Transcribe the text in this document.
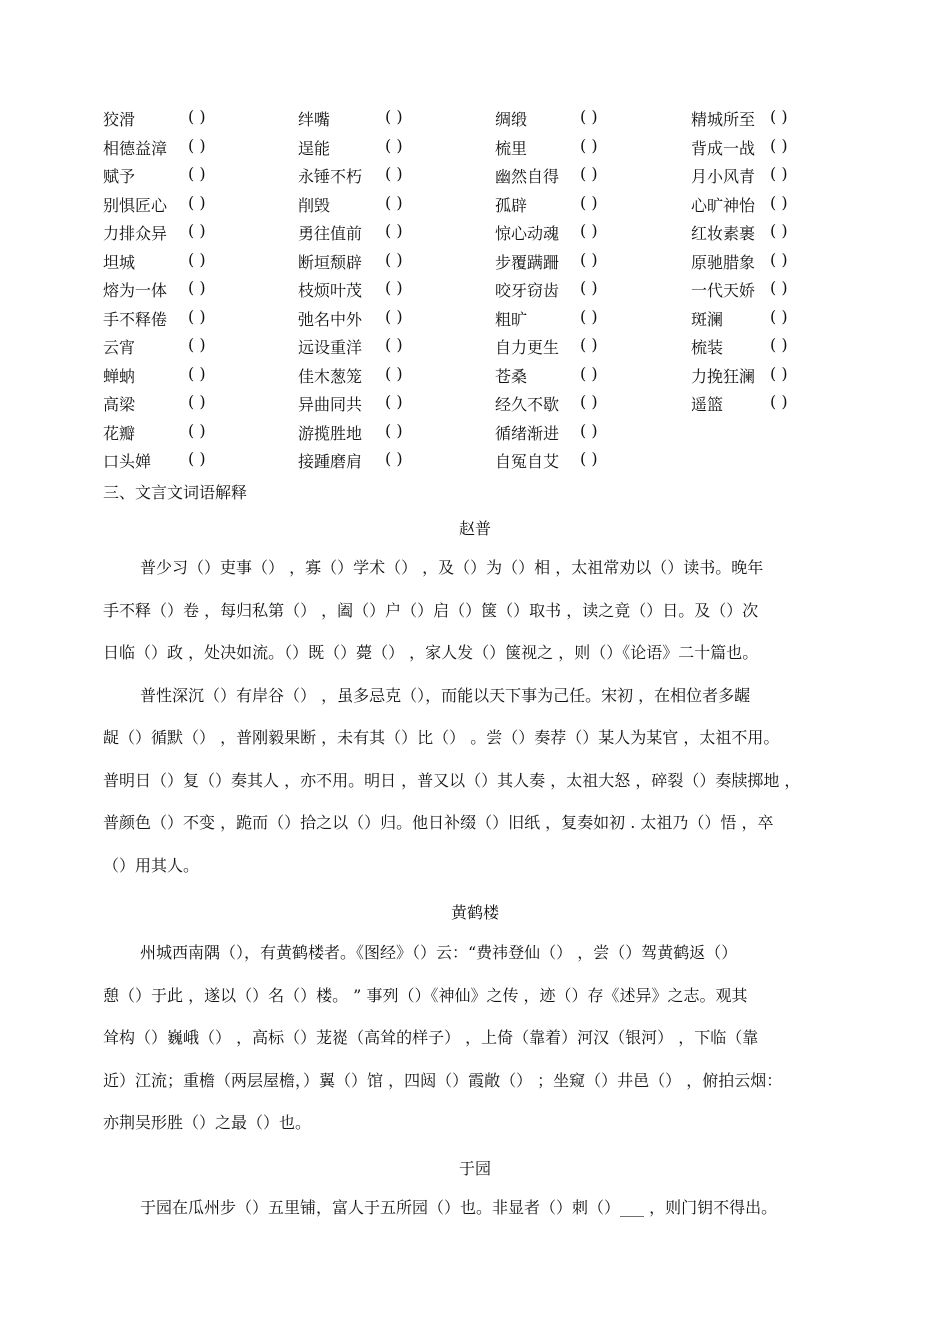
狡滑	( )	绊嘴	( )	绸缎	( )	精城所至 ( )
相德益漳 ( )	逞能	( )	梳里	( )	背成一战 ( )
赋予	( )	永锤不朽 ( )	幽然自得 ( )	月小风青 ( )
别惧匠心 ( )	削毁	( )	孤辟	( )	心旷神怡 ( )
力排众异 ( )	勇往值前 ( )	惊心动魂 ( )	红妆素裹 ( )
坦城	( )	断垣颓辟 ( )	步覆蹒跚 ( )	原驰腊象 ( )
熔为一体 ( )	枝烦叶茂 ( )	咬牙窃齿 ( )	一代天娇 ( )
手不释倦 ( )	弛名中外 ( )	粗旷	( )	斑澜	( )
云宵	( )	远设重洋 ( )	自力更生 ( )	梳装	( )
蝉蚋	( )	佳木葱笼 ( )	苍桑	( )	力挽狂澜 ( )
高梁	( )	异曲同共 ( )	经久不歇 ( )	遥篮	( )
花瓣	( )	游揽胜地 ( )	循绪渐进 ( )
口头婵 ( )	接踵磨肩 ( )	自冤自艾 ( )
三、文言文词语解释
赵普
普少习（）吏事（） ，寡（）学术（） ，及（）为（）相 ，太祖常劝以（）读书。晚年
手不释（）卷 ，每归私第（） ，阖（）户（）启（）箧（）取书 ，读之竟（）日。及（）次
日临（）政 ，处决如流。（）既（）薨（） ，家人发（）箧视之 ，则（）《论语》二十篇也。
普性深沉（）有岸谷（） ，虽多忌克（），而能以天下事为己任。宋初 ，在相位者多龌
龊（）循默（） ，普刚毅果断 ，未有其（）比（） 。尝（）奏荐（）某人为某官 ，太祖不用。
普明日（）复（）奏其人 ，亦不用。明日 ，普又以（）其人奏 ，太祖大怒 ，碎裂（）奏牍掷地 ，
普颜色（）不变 ，跪而（）拾之以（）归。他日补缀（）旧纸 ，复奏如初 . 太祖乃（）悟 ，卒
（）用其人。
黄鹤楼
州城西南隅（），有黄鹤楼者。《图经》（）云：“费祎登仙（） ，尝（）驾黄鹤返（）
憩（）于此 ，遂以（）名（）楼。 ” 事列（）《神仙》之传 ，迹（）存《述异》之志。观其
耸构（）巍峨（） ，高标（）茏嵸（高耸的样子） ，上倚（靠着）河汉（银河） ，下临（靠
近）江流；重檐（两层屋檐，）翼（）馆 ，四闼（）霞敞（） ；坐窥（）井邑（） ，俯拍云烟：
亦荆吴形胜（）之最（）也。
于园
于园在瓜州步（）五里铺，富人于五所园（）也。非显者（）刺（）___ ，则门钥不得出。
